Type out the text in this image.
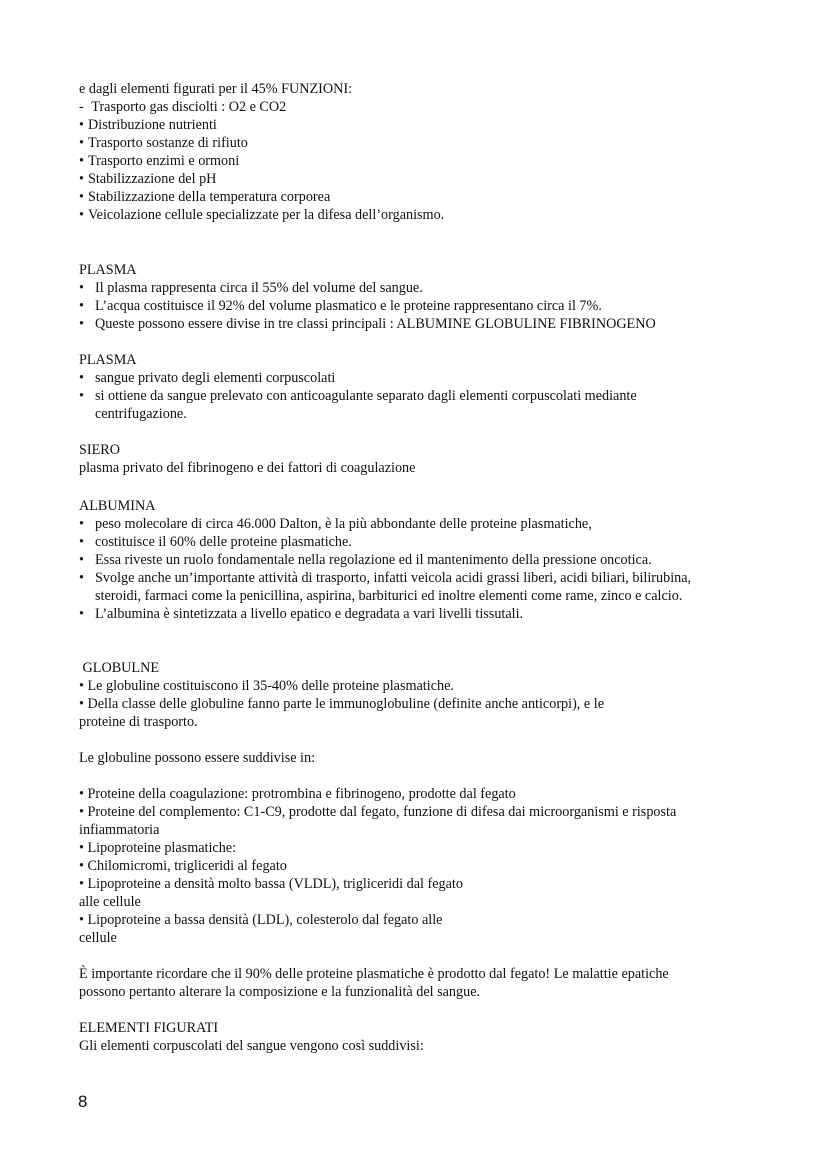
e dagli elementi figurati per il 45% FUNZIONI:
- Trasporto gas disciolti : O2 e CO2
• Distribuzione nutrienti
• Trasporto sostanze di rifiuto
• Trasporto enzimi e ormoni
• Stabilizzazione del pH
• Stabilizzazione della temperatura corporea
• Veicolazione cellule specializzate per la difesa dell’organismo.
PLASMA
• Il plasma rappresenta circa il 55% del volume del sangue.
• L’acqua costituisce il 92% del volume plasmatico e le proteine rappresentano circa il 7%.
• Queste possono essere divise in tre classi principali : ALBUMINE GLOBULINE FIBRINOGENO
PLASMA
• sangue privato degli elementi corpuscolati
• si ottiene da sangue prelevato con anticoagulante separato dagli elementi corpuscolati mediante
centrifugazione.
SIERO
plasma privato del fibrinogeno e dei fattori di coagulazione
ALBUMINA
• peso molecolare di circa 46.000 Dalton, è la più abbondante delle proteine plasmatiche,
• costituisce il 60% delle proteine plasmatiche.
• Essa riveste un ruolo fondamentale nella regolazione ed il mantenimento della pressione oncotica.
• Svolge anche un’importante attività di trasporto, infatti veicola acidi grassi liberi, acidi biliari, bilirubina,
steroidi, farmaci come la penicillina, aspirina, barbiturici ed inoltre elementi come rame, zinco e calcio.
• L’albumina è sintetizzata a livello epatico e degradata a vari livelli tissutali.
GLOBULNE
• Le globuline costituiscono il 35-40% delle proteine plasmatiche.
• Della classe delle globuline fanno parte le immunoglobuline (definite anche anticorpi), e le
proteine di trasporto.
Le globuline possono essere suddivise in:
• Proteine della coagulazione: protrombina e fibrinogeno, prodotte dal fegato
• Proteine del complemento: C1-C9, prodotte dal fegato, funzione di difesa dai microorganismi e risposta
infiammatoria
• Lipoproteine plasmatiche:
• Chilomicromi, trigliceridi al fegato
• Lipoproteine a densità molto bassa (VLDL), trigliceridi dal fegato
alle cellule
• Lipoproteine a bassa densità (LDL), colesterolo dal fegato alle
cellule
È importante ricordare che il 90% delle proteine plasmatiche è prodotto dal fegato! Le malattie epatiche
possono pertanto alterare la composizione e la funzionalità del sangue.
ELEMENTI FIGURATI
Gli elementi corpuscolati del sangue vengono così suddivisi:
8
